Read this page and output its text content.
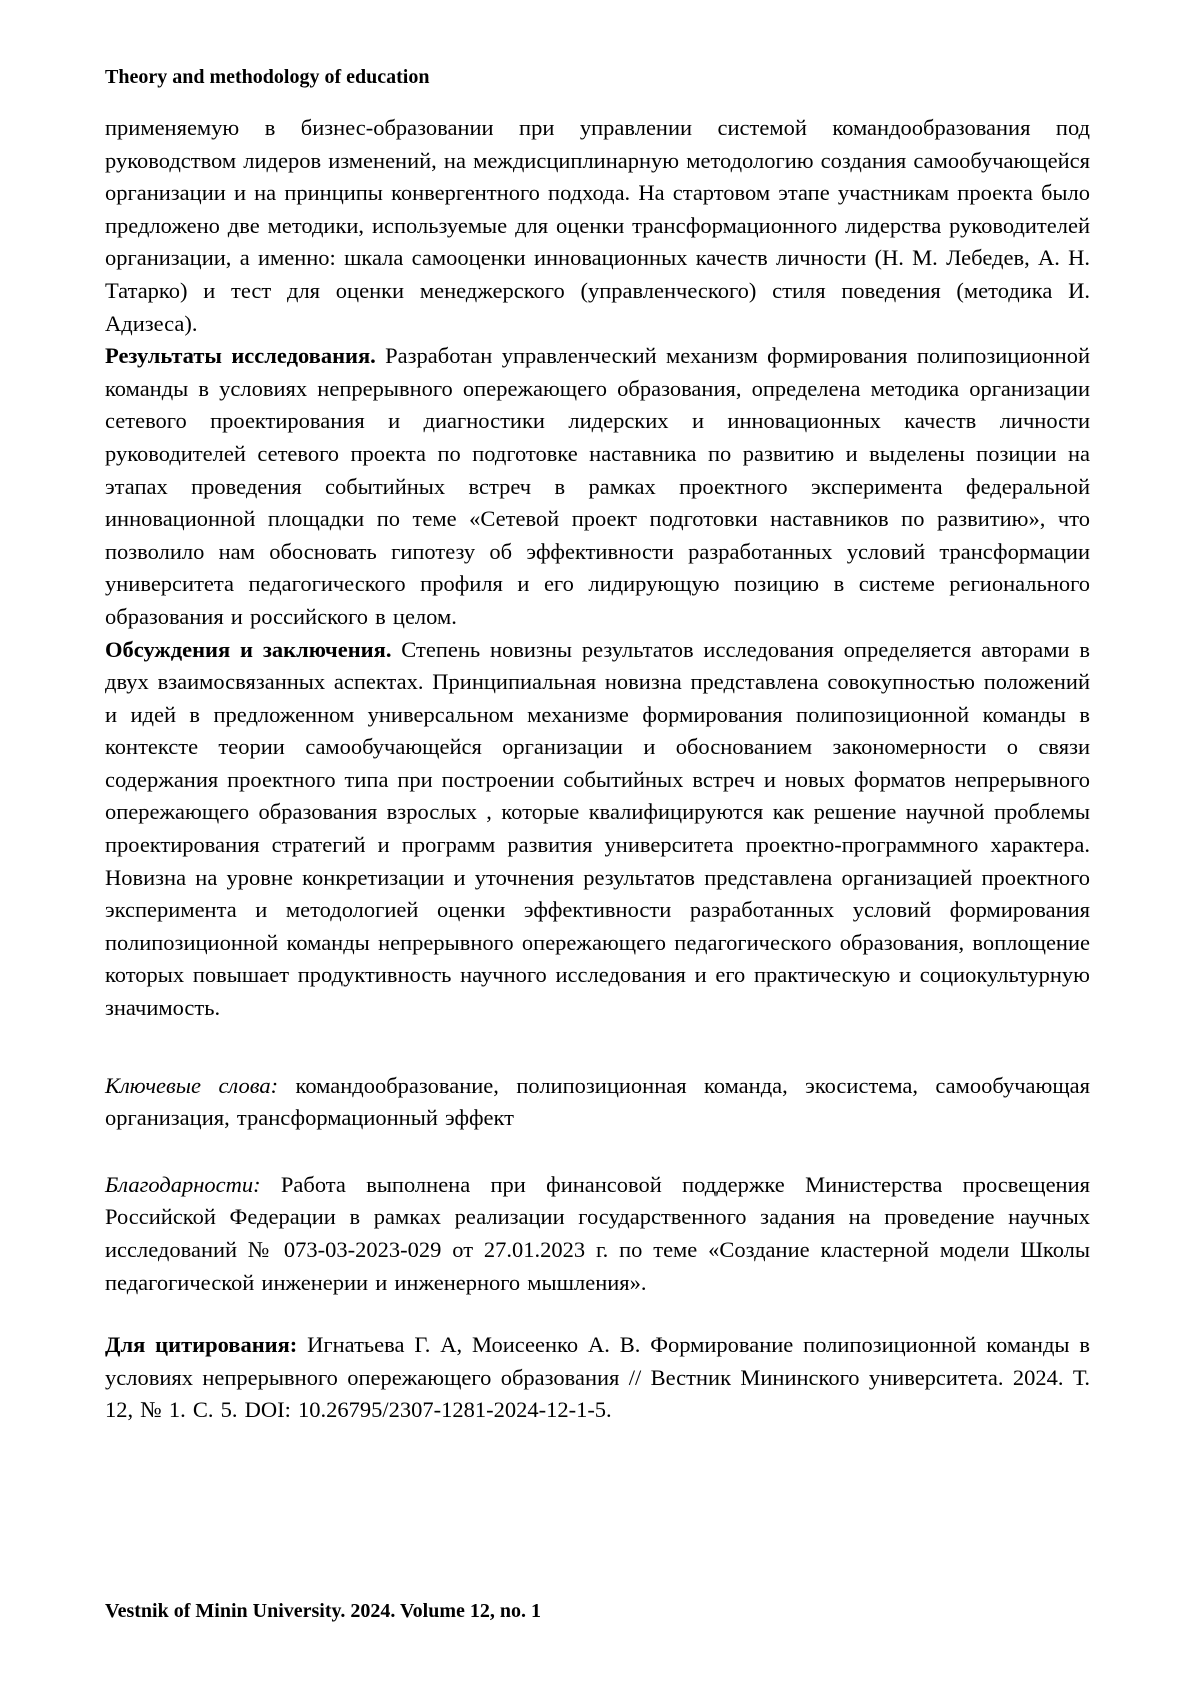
Theory and methodology of education

применяемую в бизнес-образовании при управлении системой командообразования под руководством лидеров изменений, на междисциплинарную методологию создания самообучающейся организации и на принципы конвергентного подхода. На стартовом этапе участникам проекта было предложено две методики, используемые для оценки трансформационного лидерства руководителей организации, а именно: шкала самооценки инновационных качеств личности (Н. М. Лебедев, А. Н. Татарко) и тест для оценки менеджерского (управленческого) стиля поведения (методика И. Адизеса).

Результаты исследования. Разработан управленческий механизм формирования полипозиционной команды в условиях непрерывного опережающего образования, определена методика организации сетевого проектирования и диагностики лидерских и инновационных качеств личности руководителей сетевого проекта по подготовке наставника по развитию и выделены позиции на этапах проведения событийных встреч в рамках проектного эксперимента федеральной инновационной площадки по теме «Сетевой проект подготовки наставников по развитию», что позволило нам обосновать гипотезу об эффективности разработанных условий трансформации университета педагогического профиля и его лидирующую позицию в системе регионального образования и российского в целом.

Обсуждения и заключения. Степень новизны результатов исследования определяется авторами в двух взаимосвязанных аспектах. Принципиальная новизна представлена совокупностью положений и идей в предложенном универсальном механизме формирования полипозиционной команды в контексте теории самообучающейся организации и обоснованием закономерности о связи содержания проектного типа при построении событийных встреч и новых форматов непрерывного опережающего образования взрослых , которые квалифицируются как решение научной проблемы проектирования стратегий и программ развития университета проектно-программного характера. Новизна на уровне конкретизации и уточнения результатов представлена организацией проектного эксперимента и методологией оценки эффективности разработанных условий формирования полипозиционной команды непрерывного опережающего педагогического образования, воплощение которых повышает продуктивность научного исследования и его практическую и социокультурную значимость.

Ключевые слова: командообразование, полипозиционная команда, экосистема, самообучающая организация, трансформационный эффект

Благодарности: Работа выполнена при финансовой поддержке Министерства просвещения Российской Федерации в рамках реализации государственного задания на проведение научных исследований № 073-03-2023-029 от 27.01.2023 г. по теме «Создание кластерной модели Школы педагогической инженерии и инженерного мышления».

Для цитирования: Игнатьева Г. А, Моисеенко А. В. Формирование полипозиционной команды в условиях непрерывного опережающего образования // Вестник Мининского университета. 2024. Т. 12, № 1. С. 5. DOI: 10.26795/2307-1281-2024-12-1-5.

Vestnik of Minin University. 2024. Volume 12, no. 1
